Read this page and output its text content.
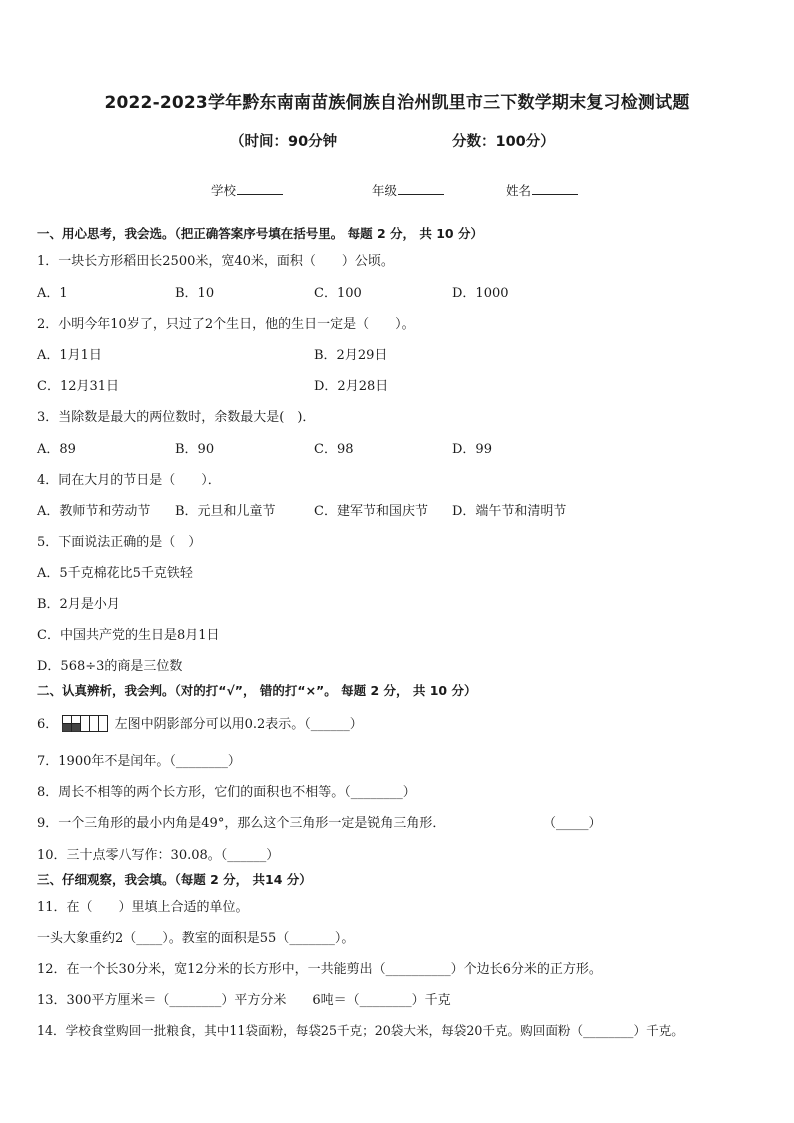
2022-2023学年黔东南南苗族侗族自治州凯里市三下数学期末复习检测试题
（时间：90分钟	分数：100分）
学校	年级	姓名
一、用心思考，我会选。（把正确答案序号填在括号里。 每题 2 分， 共 10 分）
1．一块长方形稻田长2500米，宽40米，面积（　　）公顷。
A．1	B．10	C．100	D．1000
2．小明今年10岁了，只过了2个生日，他的生日一定是（　　）。
A．1月1日	B．2月29日
C．12月31日	D．2月28日
3．当除数是最大的两位数时，余数最大是(　)．
A．89	B．90	C．98	D．99
4．同在大月的节日是（　　）．
A．教师节和劳动节 B．元旦和儿童节	C．建军节和国庆节 D．端午节和清明节
5．下面说法正确的是（　）
A．5千克棉花比5千克铁轻
B．2月是小月
C．中国共产党的生日是8月1日
D．568÷3的商是三位数
二、认真辨析，我会判。（对的打“√”， 错的打“×”。 每题 2 分， 共 10 分）
6．	左图中阴影部分可以用0.2表示。（______）
7．1900年不是闰年。（________）
8．周长不相等的两个长方形，它们的面积也不相等。（________）
9．一个三角形的最小内角是49°，那么这个三角形一定是锐角三角形．	（_____）
10．三十点零八写作：30.08。（______）
三、仔细观察，我会填。（每题 2 分， 共14 分）
11．在（　　）里填上合适的单位。
一头大象重约2（____）。教室的面积是55（_______）。
12．在一个长30分米，宽12分米的长方形中，一共能剪出（__________）个边长6分米的正方形。
13．300平方厘米＝（________）平方分米　　6吨＝（________）千克
14．学校食堂购回一批粮食，其中11袋面粉，每袋25千克；20袋大米，每袋20千克。购回面粉（________）千克。
